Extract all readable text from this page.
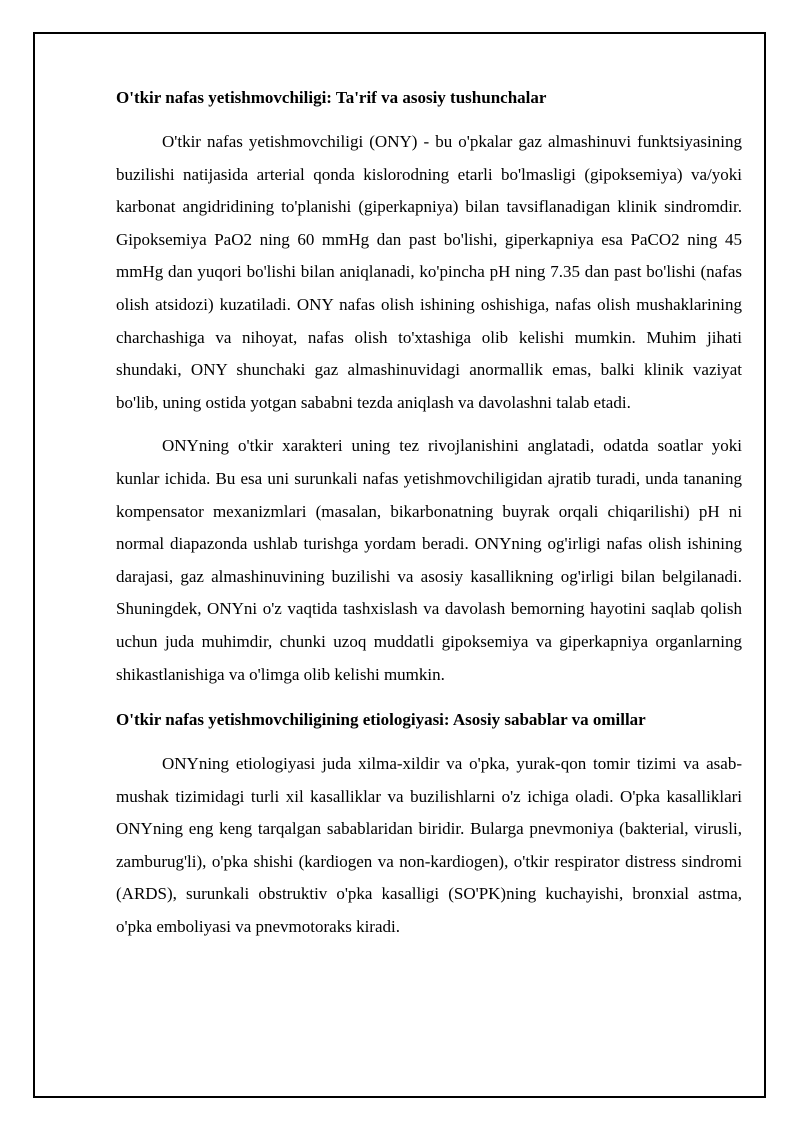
O'tkir nafas yetishmovchiligi: Ta'rif va asosiy tushunchalar

O'tkir nafas yetishmovchiligi (ONY) - bu o'pkalar gaz almashinuvi funktsiyasining buzilishi natijasida arterial qonda kislorodning etarli bo'lmasligi (gipoksemiya) va/yoki karbonat angidridining to'planishi (giperkapniya) bilan tavsiflanadigan klinik sindromdir. Gipoksemiya PaO2 ning 60 mmHg dan past bo'lishi, giperkapniya esa PaCO2 ning 45 mmHg dan yuqori bo'lishi bilan aniqlanadi, ko'pincha pH ning 7.35 dan past bo'lishi (nafas olish atsidozi) kuzatiladi. ONY nafas olish ishining oshishiga, nafas olish mushaklarining charchashiga va nihoyat, nafas olish to'xtashiga olib kelishi mumkin. Muhim jihati shundaki, ONY shunchaki gaz almashinuvidagi anormallik emas, balki klinik vaziyat bo'lib, uning ostida yotgan sababni tezda aniqlash va davolashni talab etadi.

ONYning o'tkir xarakteri uning tez rivojlanishini anglatadi, odatda soatlar yoki kunlar ichida. Bu esa uni surunkali nafas yetishmovchiligidan ajratib turadi, unda tananing kompensator mexanizmlari (masalan, bikarbonatning buyrak orqali chiqarilishi) pH ni normal diapazonda ushlab turishga yordam beradi. ONYning og'irligi nafas olish ishining darajasi, gaz almashinuvining buzilishi va asosiy kasallikning og'irligi bilan belgilanadi. Shuningdek, ONYni o'z vaqtida tashxislash va davolash bemorning hayotini saqlab qolish uchun juda muhimdir, chunki uzoq muddatli gipoksemiya va giperkapniya organlarning shikastlanishiga va o'limga olib kelishi mumkin.

O'tkir nafas yetishmovchiligining etiologiyasi: Asosiy sabablar va omillar

ONYning etiologiyasi juda xilma-xildir va o'pka, yurak-qon tomir tizimi va asab-mushak tizimidagi turli xil kasalliklar va buzilishlarni o'z ichiga oladi. O'pka kasalliklari ONYning eng keng tarqalgan sabablaridan biridir. Bularga pnevmoniya (bakterial, virusli, zamburug'li), o'pka shishi (kardiogen va non-kardiogen), o'tkir respirator distress sindromi (ARDS), surunkali obstruktiv o'pka kasalligi (SO'PK)ning kuchayishi, bronxial astma, o'pka emboliyasi va pnevmotoraks kiradi.
